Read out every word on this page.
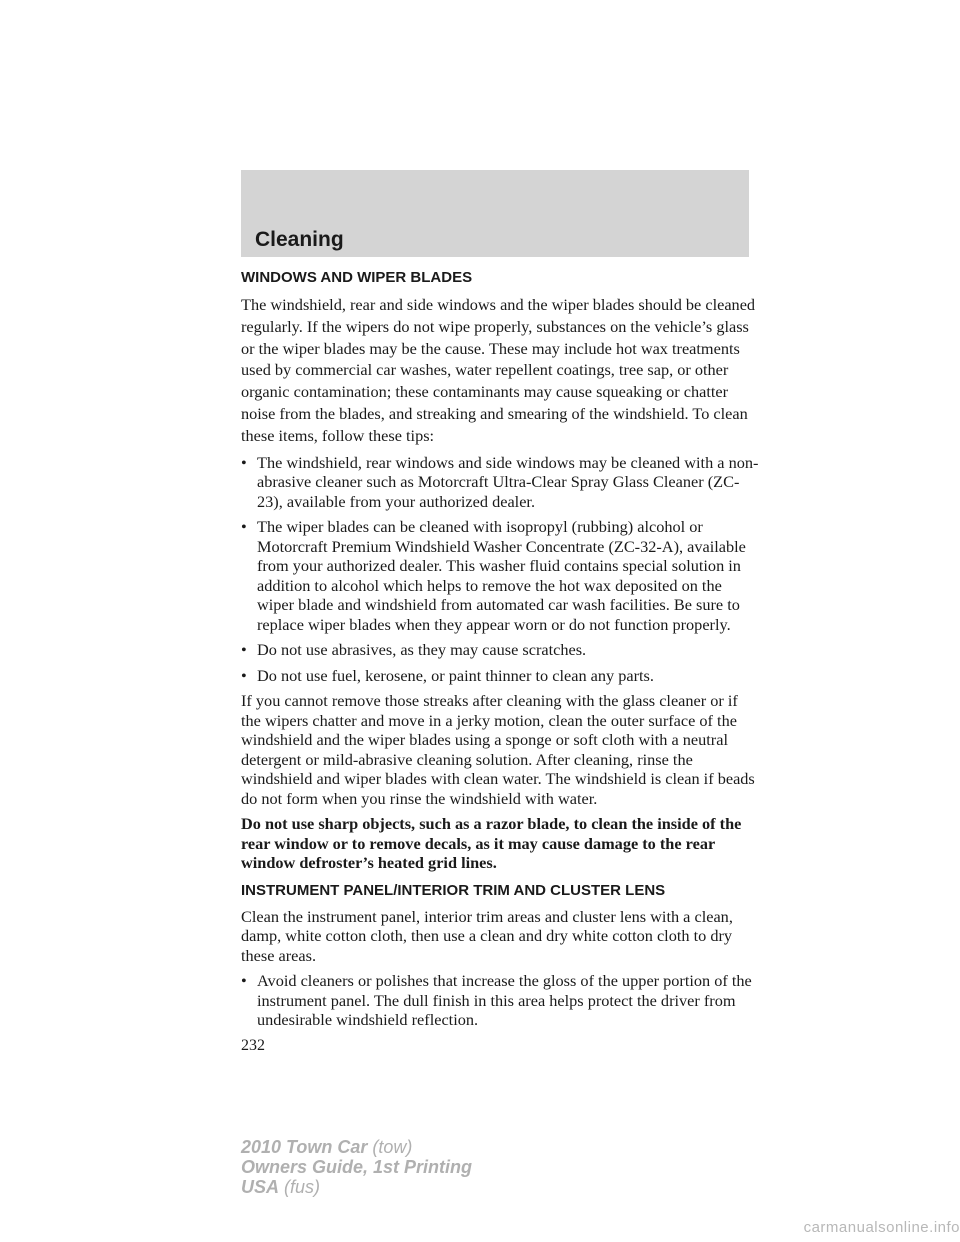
Cleaning
WINDOWS AND WIPER BLADES

The windshield, rear and side windows and the wiper blades should be cleaned regularly. If the wipers do not wipe properly, substances on the vehicle’s glass or the wiper blades may be the cause. These may include hot wax treatments used by commercial car washes, water repellent coatings, tree sap, or other organic contamination; these contaminants may cause squeaking or chatter noise from the blades, and streaking and smearing of the windshield. To clean these items, follow these tips:

• The windshield, rear windows and side windows may be cleaned with a non-abrasive cleaner such as Motorcraft Ultra-Clear Spray Glass Cleaner (ZC-23), available from your authorized dealer.
• The wiper blades can be cleaned with isopropyl (rubbing) alcohol or Motorcraft Premium Windshield Washer Concentrate (ZC-32-A), available from your authorized dealer. This washer fluid contains special solution in addition to alcohol which helps to remove the hot wax deposited on the wiper blade and windshield from automated car wash facilities. Be sure to replace wiper blades when they appear worn or do not function properly.
• Do not use abrasives, as they may cause scratches.
• Do not use fuel, kerosene, or paint thinner to clean any parts.

If you cannot remove those streaks after cleaning with the glass cleaner or if the wipers chatter and move in a jerky motion, clean the outer surface of the windshield and the wiper blades using a sponge or soft cloth with a neutral detergent or mild-abrasive cleaning solution. After cleaning, rinse the windshield and wiper blades with clean water. The windshield is clean if beads do not form when you rinse the windshield with water.

Do not use sharp objects, such as a razor blade, to clean the inside of the rear window or to remove decals, as it may cause damage to the rear window defroster’s heated grid lines.

INSTRUMENT PANEL/INTERIOR TRIM AND CLUSTER LENS

Clean the instrument panel, interior trim areas and cluster lens with a clean, damp, white cotton cloth, then use a clean and dry white cotton cloth to dry these areas.

• Avoid cleaners or polishes that increase the gloss of the upper portion of the instrument panel. The dull finish in this area helps protect the driver from undesirable windshield reflection.
232
2010 Town Car (tow)
Owners Guide, 1st Printing
USA (fus)
carmanualsonline.info
